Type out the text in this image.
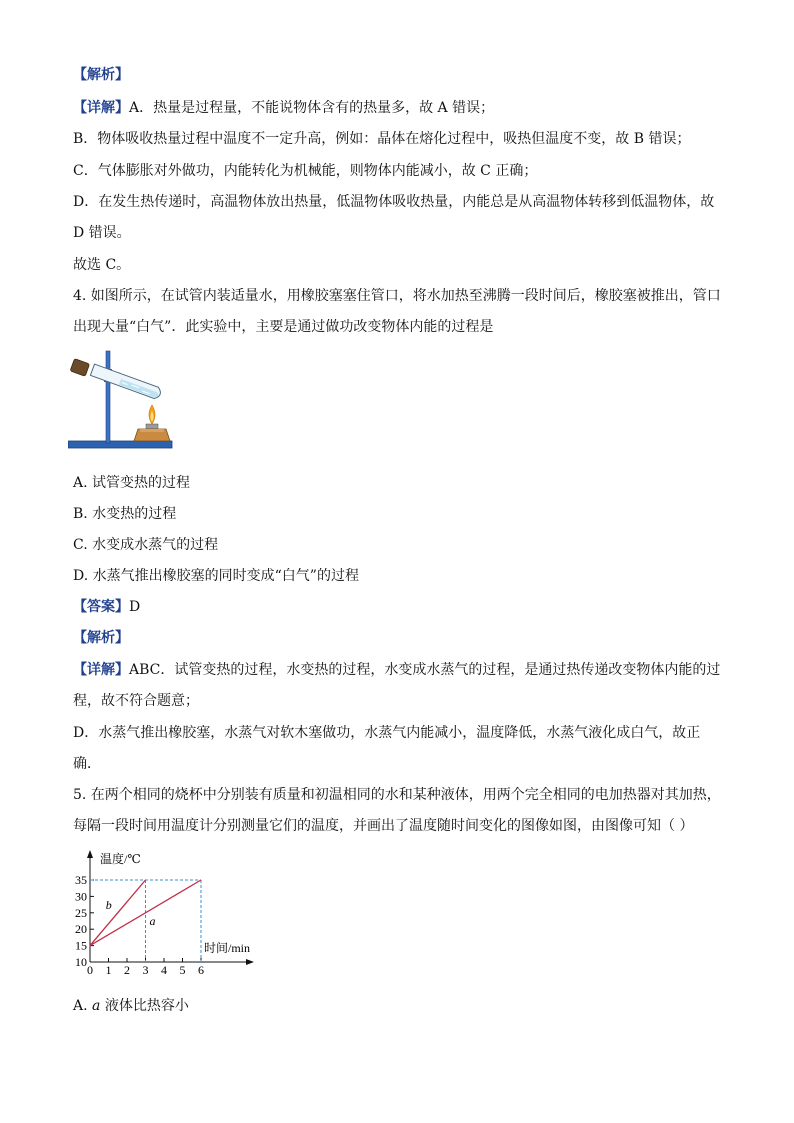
【解析】
【详解】A．热量是过程量，不能说物体含有的热量多，故 A 错误；
B．物体吸收热量过程中温度不一定升高，例如：晶体在熔化过程中，吸热但温度不变，故 B 错误；
C．气体膨胀对外做功，内能转化为机械能，则物体内能减小，故 C 正确；
D．在发生热传递时，高温物体放出热量，低温物体吸收热量，内能总是从高温物体转移到低温物体，故
D 错误。
故选 C。
4. 如图所示，在试管内装适量水，用橡胶塞塞住管口，将水加热至沸腾一段时间后，橡胶塞被推出，管口
出现大量“白气”．此实验中，主要是通过做功改变物体内能的过程是
A. 试管变热的过程
B. 水变热的过程
C. 水变成水蒸气的过程
D. 水蒸气推出橡胶塞的同时变成“白气”的过程
【答案】D
【解析】
【详解】ABC．试管变热的过程，水变热的过程，水变成水蒸气的过程，是通过热传递改变物体内能的过
程，故不符合题意；
D．水蒸气推出橡胶塞，水蒸气对软木塞做功，水蒸气内能减小，温度降低，水蒸气液化成白气，故正
确．
5. 在两个相同的烧杯中分别装有质量和初温相同的水和某种液体，用两个完全相同的电加热器对其加热，
每隔一段时间用温度计分别测量它们的温度，并画出了温度随时间变化的图像如图，由图像可知（ ）
温度/℃
时间/min
10
15
20
25
30
35
0 1 2 3 4 5 6
b
a
A. a 液体比热容小
